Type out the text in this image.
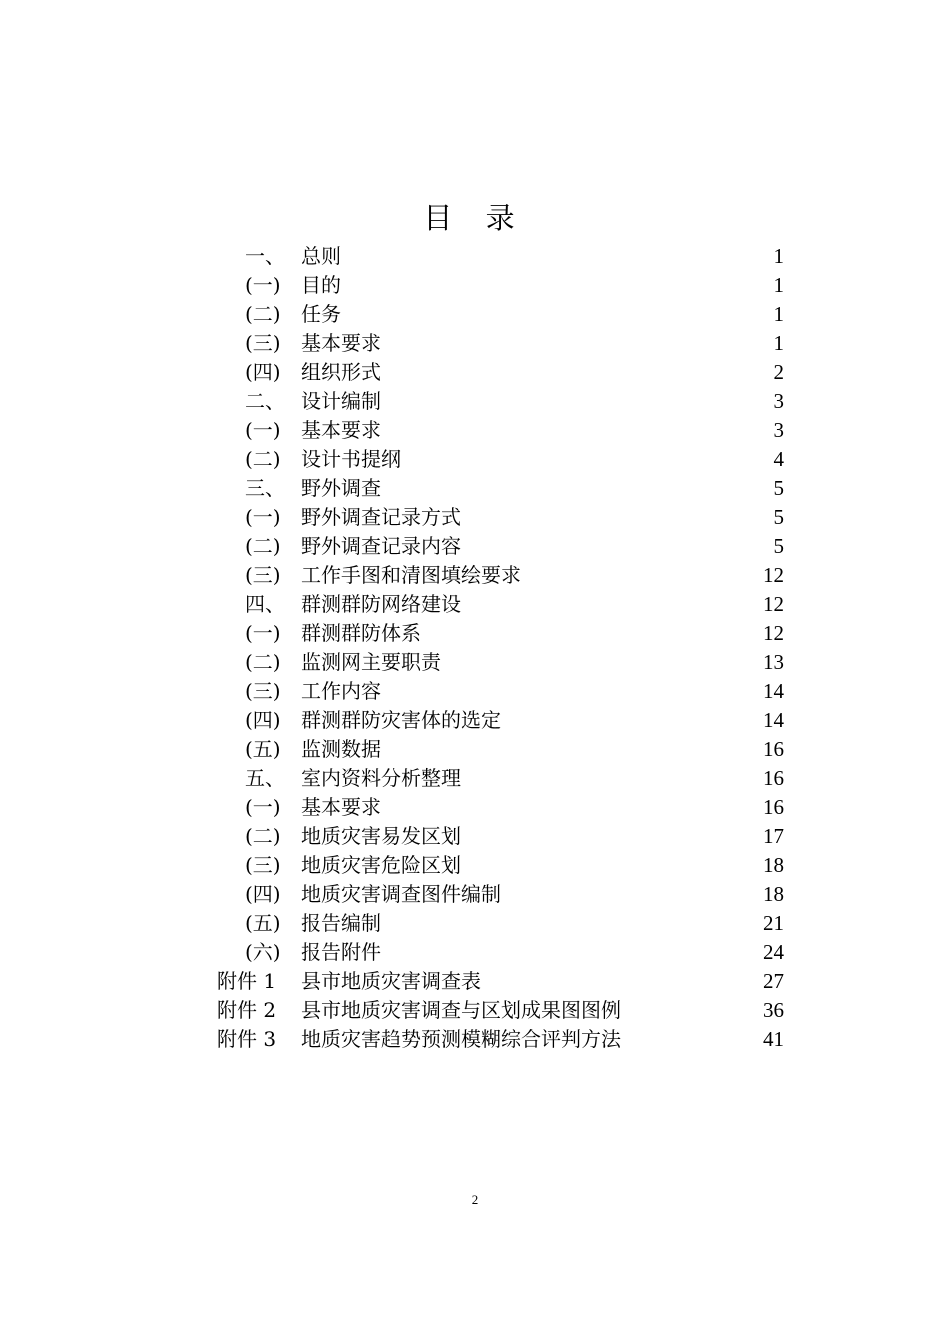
目 录
一、 总则	1
(一) 目的	1
(二) 任务	1
(三) 基本要求	1
(四) 组织形式	2
二、 设计编制	3
(一) 基本要求	3
(二) 设计书提纲	4
三、 野外调查	5
(一) 野外调查记录方式	5
(二) 野外调查记录内容	5
(三) 工作手图和清图填绘要求	12
四、 群测群防网络建设	12
(一) 群测群防体系	12
(二) 监测网主要职责	13
(三) 工作内容	14
(四) 群测群防灾害体的选定	14
(五) 监测数据	16
五、 室内资料分析整理	16
(一) 基本要求	16
(二) 地质灾害易发区划	17
(三) 地质灾害危险区划	18
(四) 地质灾害调查图件编制	18
(五) 报告编制	21
(六) 报告附件	24
附件 1 县市地质灾害调查表	27
附件 2 县市地质灾害调查与区划成果图图例	36
附件 3 地质灾害趋势预测模糊综合评判方法	41
2
